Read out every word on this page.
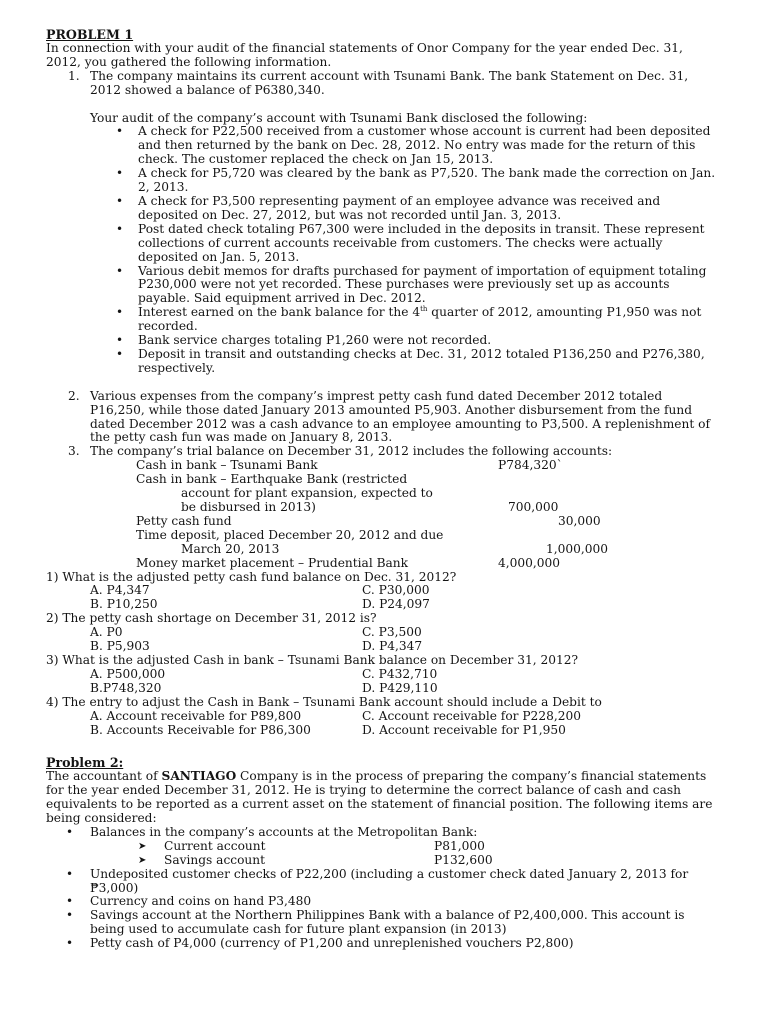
PROBLEM 1

In connection with your audit of the financial statements of Onor Company for the year ended Dec. 31, 2012, you gathered the following information.

1. The company maintains its current account with Tsunami Bank. The bank Statement on Dec. 31, 2012 showed a balance of P6380,340.

Your audit of the company’s account with Tsunami Bank disclosed the following:

• A check for P22,500 received from a customer whose account is current had been deposited and then returned by the bank on Dec. 28, 2012. No entry was made for the return of this check. The customer replaced the check on Jan 15, 2013.
• A check for P5,720 was cleared by the bank as P7,520. The bank made the correction on Jan. 2, 2013.
• A check for P3,500 representing payment of an employee advance was received and deposited on Dec. 27, 2012, but was not recorded until Jan. 3, 2013.
• Post dated check totaling P67,300 were included in the deposits in transit. These represent collections of current accounts receivable from customers. The checks were actually deposited on Jan. 5, 2013.
• Various debit memos for drafts purchased for payment of importation of equipment totaling P230,000 were not yet recorded. These purchases were previously set up as accounts payable. Said equipment arrived in Dec. 2012.
• Interest earned on the bank balance for the 4th quarter of 2012, amounting P1,950 was not recorded.
• Bank service charges totaling P1,260 were not recorded.
• Deposit in transit and outstanding checks at Dec. 31, 2012 totaled P136,250 and P276,380, respectively.
2. Various expenses from the company’s imprest petty cash fund dated December 2012 totaled P16,250, while those dated January 2013 amounted P5,903. Another disbursement from the fund dated December 2012 was a cash advance to an employee amounting to P3,500. A replenishment of the petty cash fun was made on January 8, 2013.
3. The company’s trial balance on December 31, 2012 includes the following accounts:
Cash in bank – Tsunami Bank	P784,320`
Cash in bank – Earthquake Bank (restricted	
account for plant expansion, expected to	
be disbursed in 2013)	700,000
Petty cash fund	30,000
Time deposit, placed December 20, 2012 and due	
March 20, 2013	1,000,000
Money market placement – Prudential Bank	4,000,000

1) What is the adjusted petty cash fund balance on Dec. 31, 2012?

A. P4,347	C. P30,000
B. P10,250	D. P24,097

2) The petty cash shortage on December 31, 2012 is?

A. P0	C. P3,500
B. P5,903	D. P4,347

3) What is the adjusted Cash in bank – Tsunami Bank balance on December 31, 2012?

A. P500,000	C. P432,710
B.P748,320	D. P429,110

4) The entry to adjust the Cash in Bank – Tsunami Bank account should include a Debit to

A. Account receivable for P89,800	C. Account receivable for P228,200
B. Accounts Receivable for P86,300	D. Account receivable for P1,950

Problem 2:

The accountant of SANTIAGO Company is in the process of preparing the company’s financial statements for the year ended December 31, 2012. He is trying to determine the correct balance of cash and cash equivalents to be reported as a current asset on the statement of financial position. The following items are being considered:

• Balances in the company’s accounts at the Metropolitan Bank:
➤ Current account	P81,000
➤ Savings account	P132,600
• Undeposited customer checks of P22,200 (including a customer check dated January 2, 2013 for ₱3,000)
• Currency and coins on hand P3,480
• Savings account at the Northern Philippines Bank with a balance of P2,400,000. This account is being used to accumulate cash for future plant expansion (in 2013)
• Petty cash of P4,000 (currency of P1,200 and unreplenished vouchers P2,800)
